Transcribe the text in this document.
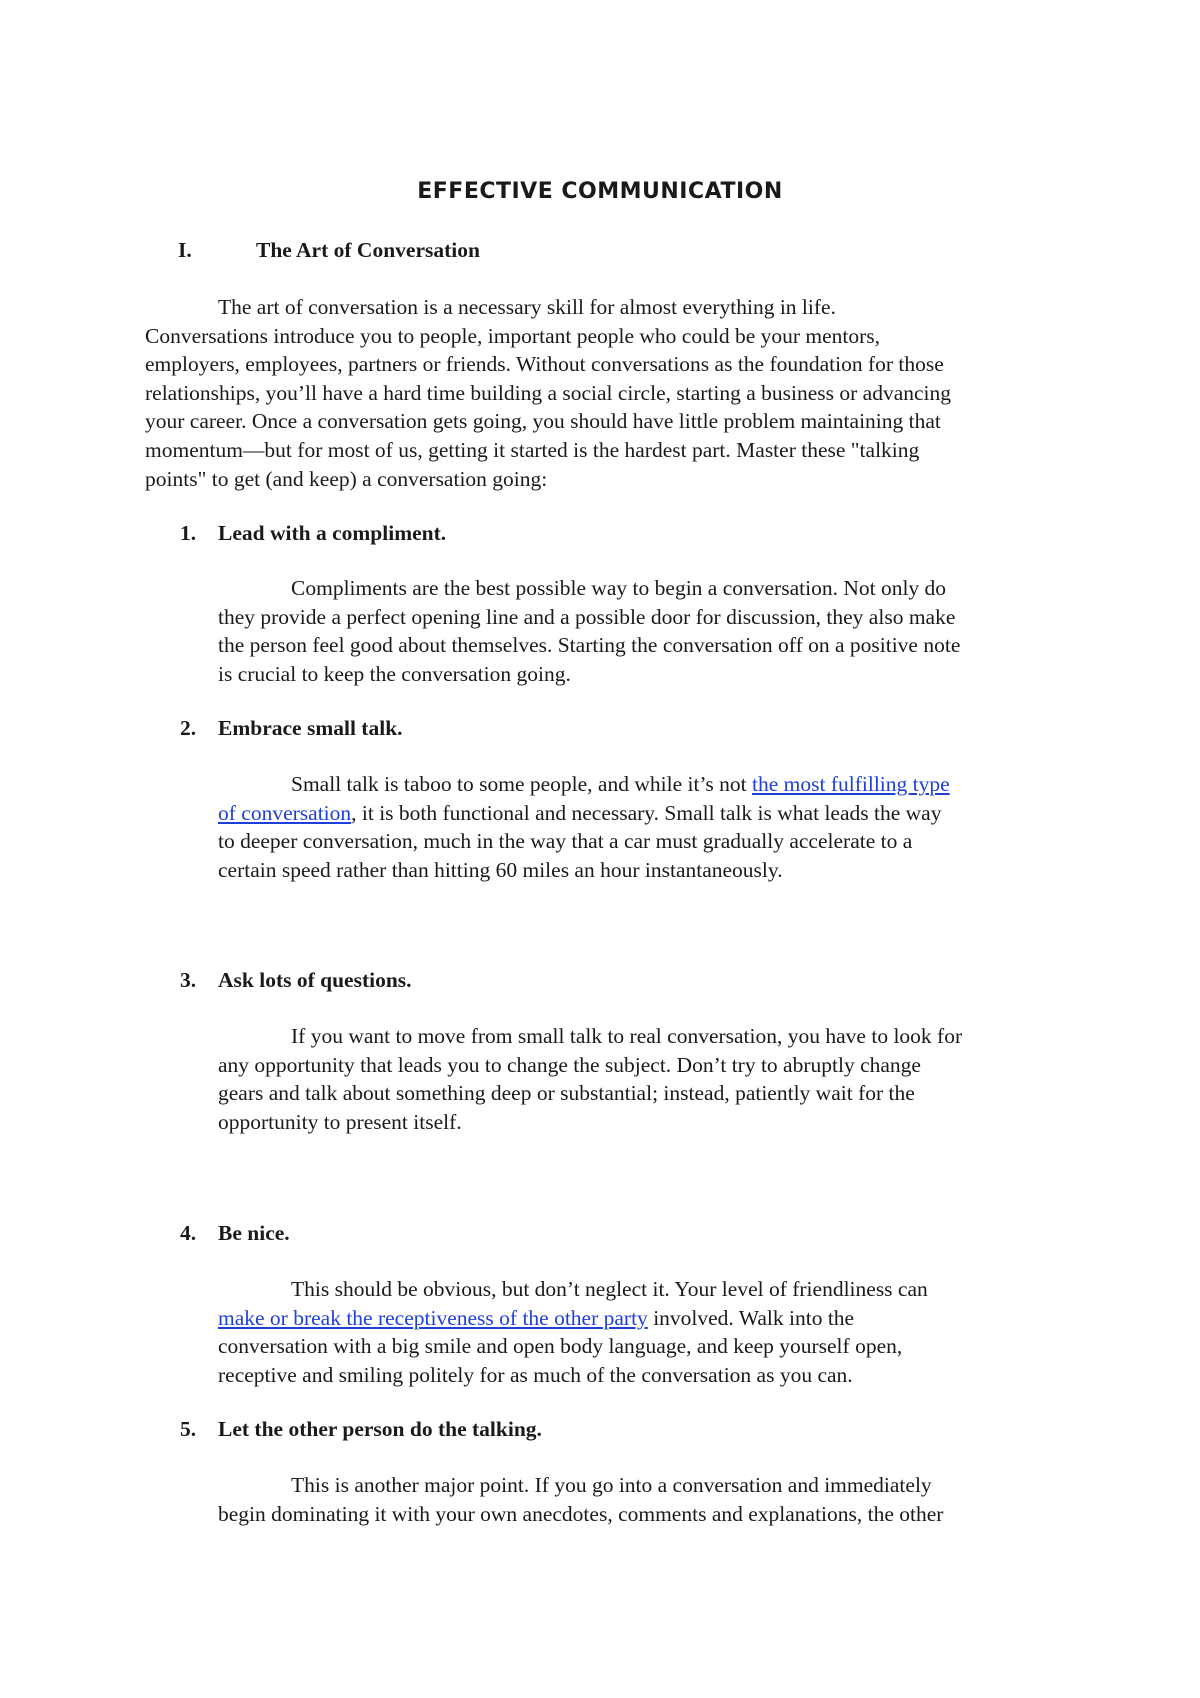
EFFECTIVE COMMUNICATION
I.	The Art of Conversation

The art of conversation is a necessary skill for almost everything in life.
Conversations introduce you to people, important people who could be your mentors,
employers, employees, partners or friends. Without conversations as the foundation for those
relationships, you’ll have a hard time building a social circle, starting a business or advancing
your career. Once a conversation gets going, you should have little problem maintaining that
momentum—but for most of us, getting it started is the hardest part. Master these "talking
points" to get (and keep) a conversation going:

1. Lead with a compliment.

Compliments are the best possible way to begin a conversation. Not only do
they provide a perfect opening line and a possible door for discussion, they also make
the person feel good about themselves. Starting the conversation off on a positive note
is crucial to keep the conversation going.

2. Embrace small talk.

Small talk is taboo to some people, and while it’s not the most fulfilling type
of conversation, it is both functional and necessary. Small talk is what leads the way
to deeper conversation, much in the way that a car must gradually accelerate to a
certain speed rather than hitting 60 miles an hour instantaneously.

3. Ask lots of questions.

If you want to move from small talk to real conversation, you have to look for
any opportunity that leads you to change the subject. Don’t try to abruptly change
gears and talk about something deep or substantial; instead, patiently wait for the
opportunity to present itself.

4. Be nice.

This should be obvious, but don’t neglect it. Your level of friendliness can
make or break the receptiveness of the other party involved. Walk into the
conversation with a big smile and open body language, and keep yourself open,
receptive and smiling politely for as much of the conversation as you can.

5. Let the other person do the talking.

This is another major point. If you go into a conversation and immediately
begin dominating it with your own anecdotes, comments and explanations, the other
